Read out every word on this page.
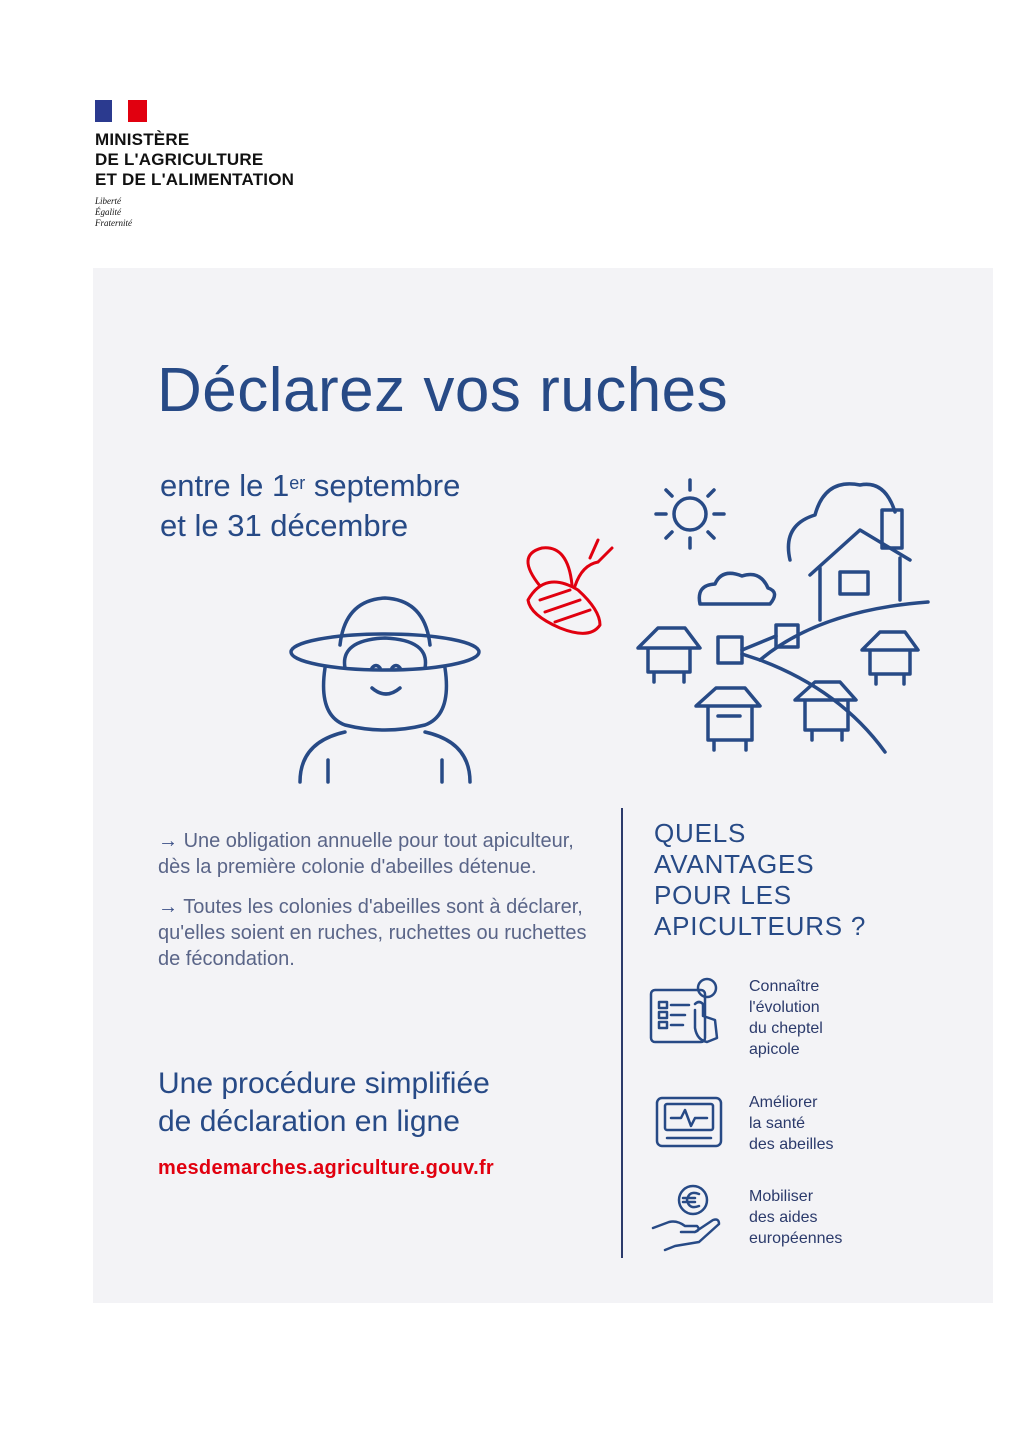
MINISTÈRE
DE L'AGRICULTURE
ET DE L'ALIMENTATION
Liberté
Égalité
Fraternité
Déclarez vos ruches
entre le 1er septembre
et le 31 décembre

→ Une obligation annuelle pour tout apiculteur, dès la première colonie d'abeilles détenue.

→ Toutes les colonies d'abeilles sont à déclarer, qu'elles soient en ruches, ruchettes ou ruchettes de fécondation.

Une procédure simplifiée
de déclaration en ligne
mesdemarches.agriculture.gouv.fr
QUELS
AVANTAGES
POUR LES
APICULTEURS ?
Connaître
l'évolution
du cheptel
apicole
Améliorer
la santé
des abeilles
Mobiliser
des aides
européennes
